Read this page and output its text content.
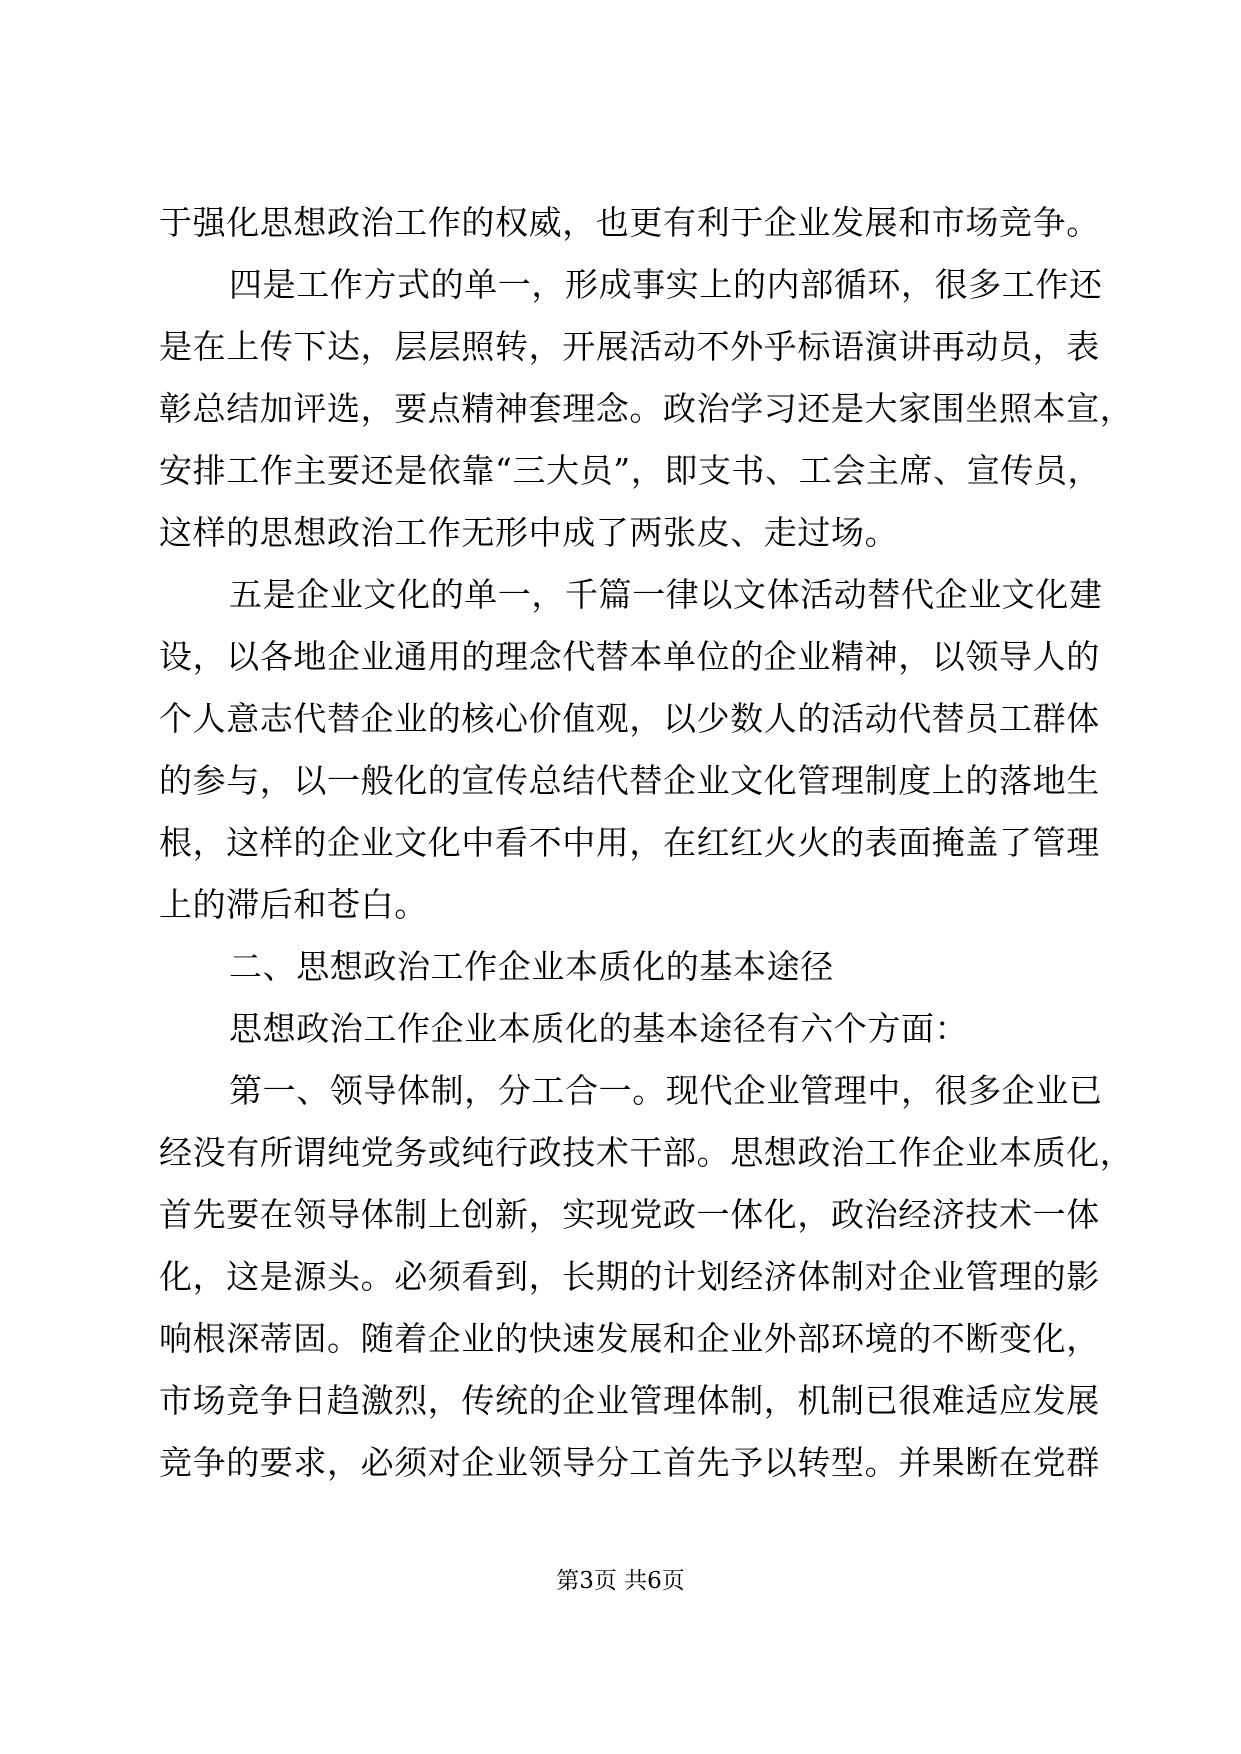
于强化思想政治工作的权威，也更有利于企业发展和市场竞争。
四是工作方式的单一，形成事实上的内部循环，很多工作还
是在上传下达，层层照转，开展活动不外乎标语演讲再动员，表
彰总结加评选，要点精神套理念。政治学习还是大家围坐照本宣，
安排工作主要还是依靠“三大员”，即支书、工会主席、宣传员，
这样的思想政治工作无形中成了两张皮、走过场。
五是企业文化的单一，千篇一律以文体活动替代企业文化建
设，以各地企业通用的理念代替本单位的企业精神，以领导人的
个人意志代替企业的核心价值观，以少数人的活动代替员工群体
的参与，以一般化的宣传总结代替企业文化管理制度上的落地生
根，这样的企业文化中看不中用，在红红火火的表面掩盖了管理
上的滞后和苍白。
二、思想政治工作企业本质化的基本途径
思想政治工作企业本质化的基本途径有六个方面：
第一、领导体制，分工合一。现代企业管理中，很多企业已
经没有所谓纯党务或纯行政技术干部。思想政治工作企业本质化，
首先要在领导体制上创新，实现党政一体化，政治经济技术一体
化，这是源头。必须看到，长期的计划经济体制对企业管理的影
响根深蒂固。随着企业的快速发展和企业外部环境的不断变化，
市场竞争日趋激烈，传统的企业管理体制，机制已很难适应发展
竞争的要求，必须对企业领导分工首先予以转型。并果断在党群
第3页 共6页
